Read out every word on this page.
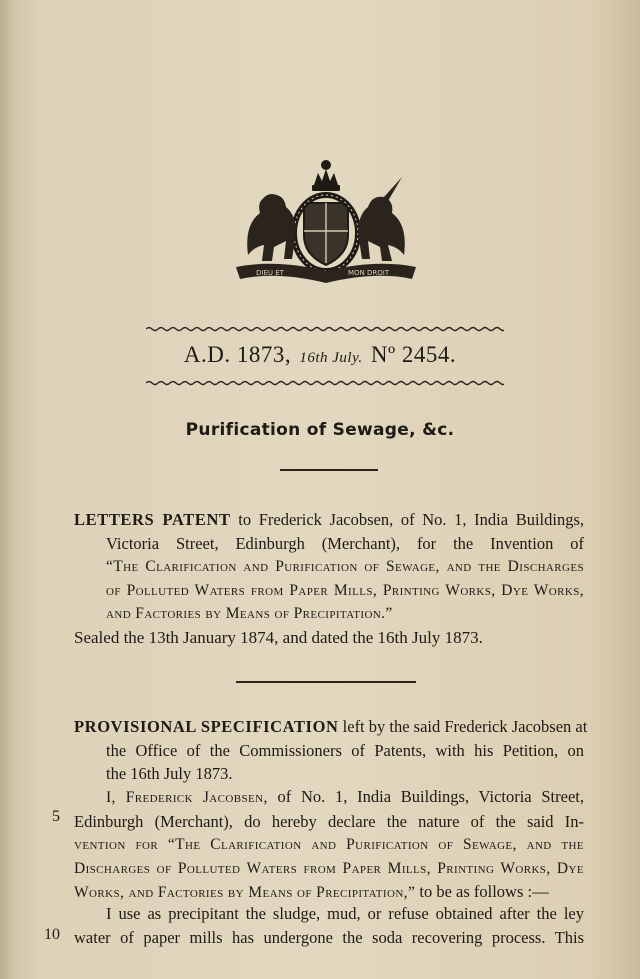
DIEU ET	MON DROIT
A.D. 1873, 16th July. Nº 2454.
Purification of Sewage, &c.
LETTERS PATENT to Frederick Jacobsen, of No. 1, India Buildings,
Victoria Street, Edinburgh (Merchant), for the Invention of
“The Clarification and Purification of Sewage, and the Discharges
of Polluted Waters from Paper Mills, Printing Works, Dye Works,
and Factories by Means of Precipitation.”
Sealed the 13th January 1874, and dated the 16th July 1873.
PROVISIONAL SPECIFICATION left by the said Frederick Jacobsen at
the Office of the Commissioners of Patents, with his Petition, on
the 16th July 1873.
I, Frederick Jacobsen, of No. 1, India Buildings, Victoria Street,
Edinburgh (Merchant), do hereby declare the nature of the said In-
vention for “The Clarification and Purification of Sewage, and the
Discharges of Polluted Waters from Paper Mills, Printing Works, Dye
Works, and Factories by Means of Precipitation,” to be as follows :—
I use as precipitant the sludge, mud, or refuse obtained after the ley
water of paper mills has undergone the soda recovering process. This
5
10
